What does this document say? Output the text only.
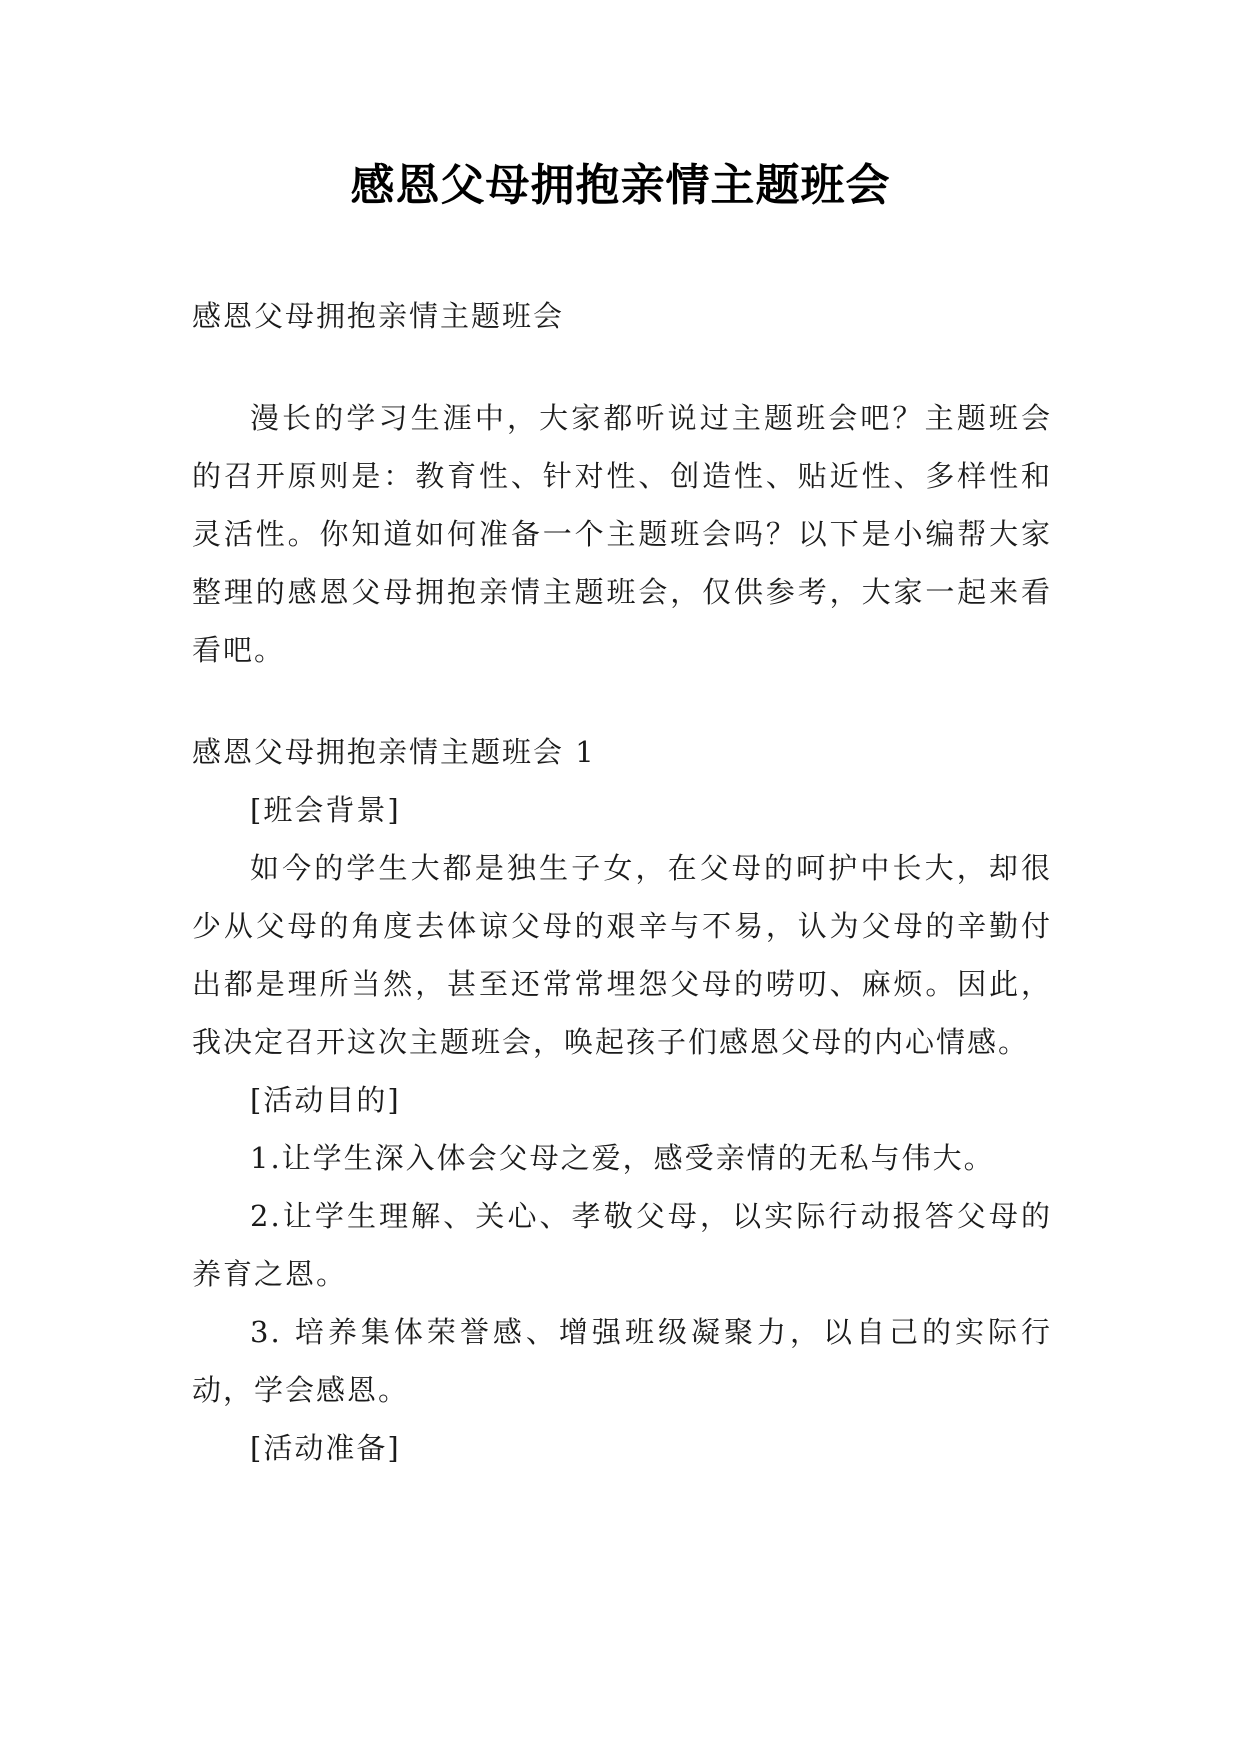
感恩父母拥抱亲情主题班会

感恩父母拥抱亲情主题班会

漫长的学习生涯中，大家都听说过主题班会吧？主题班会的召开原则是：教育性、针对性、创造性、贴近性、多样性和灵活性。你知道如何准备一个主题班会吗？以下是小编帮大家整理的感恩父母拥抱亲情主题班会，仅供参考，大家一起来看看吧。

感恩父母拥抱亲情主题班会 1

[班会背景]

如今的学生大都是独生子女，在父母的呵护中长大，却很少从父母的角度去体谅父母的艰辛与不易，认为父母的辛勤付出都是理所当然，甚至还常常埋怨父母的唠叨、麻烦。因此，我决定召开这次主题班会，唤起孩子们感恩父母的内心情感。

[活动目的]

1.让学生深入体会父母之爱，感受亲情的无私与伟大。

2.让学生理解、关心、孝敬父母，以实际行动报答父母的养育之恩。

3. 培养集体荣誉感、增强班级凝聚力，以自己的实际行动，学会感恩。

[活动准备]
